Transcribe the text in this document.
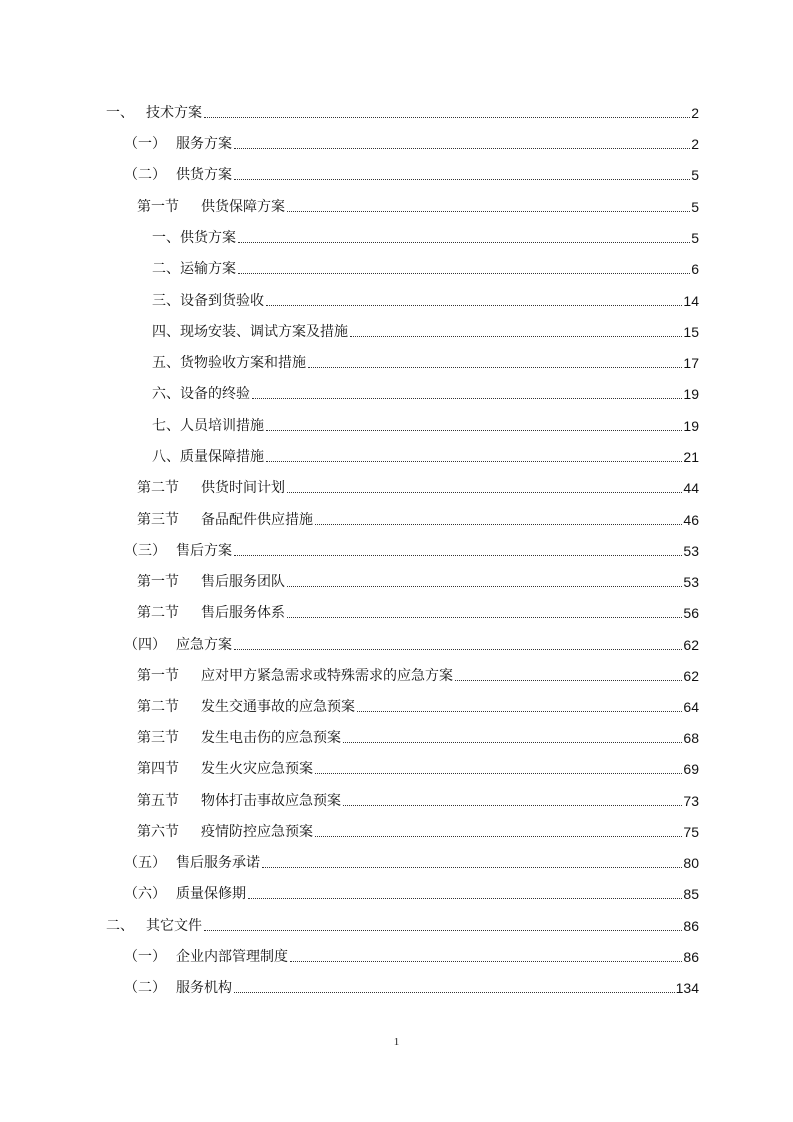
一、 技术方案	2
（一） 服务方案	2
（二） 供货方案	5
第一节	供货保障方案	5
一、 供货方案	5
二、 运输方案	6
三、 设备到货验收	14
四、 现场安装、调试方案及措施	15
五、 货物验收方案和措施	17
六、 设备的终验	19
七、 人员培训措施	19
八、 质量保障措施	21
第二节	供货时间计划	44
第三节	备品配件供应措施	46
（三） 售后方案	53
第一节	售后服务团队	53
第二节	售后服务体系	56
（四） 应急方案	62
第一节	应对甲方紧急需求或特殊需求的应急方案	62
第二节	发生交通事故的应急预案	64
第三节	发生电击伤的应急预案	68
第四节	发生火灾应急预案	69
第五节	物体打击事故应急预案	73
第六节	疫情防控应急预案	75
（五） 售后服务承诺	80
（六） 质量保修期	85
二、 其它文件	86
（一） 企业内部管理制度	86
（二） 服务机构	134
1
